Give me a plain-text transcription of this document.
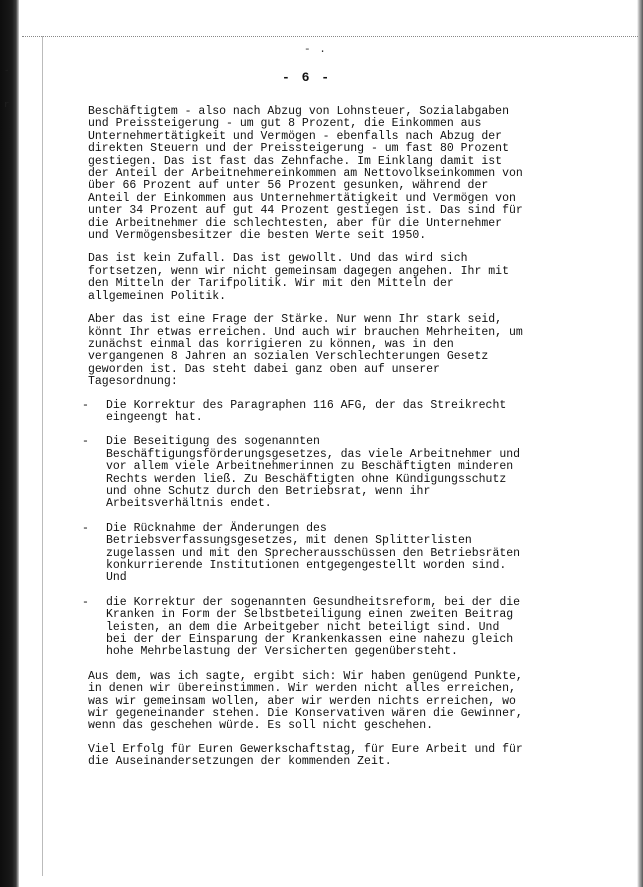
-
r
- .
- 6 -

Beschäftigtem - also nach Abzug von Lohnsteuer, Sozialabgaben
und Preissteigerung - um gut 8 Prozent, die Einkommen aus
Unternehmertätigkeit und Vermögen - ebenfalls nach Abzug der
direkten Steuern und der Preissteigerung - um fast 80 Prozent
gestiegen. Das ist fast das Zehnfache. Im Einklang damit ist
der Anteil der Arbeitnehmereinkommen am Nettovolkseinkommen von
über 66 Prozent auf unter 56 Prozent gesunken, während der
Anteil der Einkommen aus Unternehmertätigkeit und Vermögen von
unter 34 Prozent auf gut 44 Prozent gestiegen ist. Das sind für
die Arbeitnehmer die schlechtesten, aber für die Unternehmer
und Vermögensbesitzer die besten Werte seit 1950.

Das ist kein Zufall. Das ist gewollt. Und das wird sich
fortsetzen, wenn wir nicht gemeinsam dagegen angehen. Ihr mit
den Mitteln der Tarifpolitik. Wir mit den Mitteln der
allgemeinen Politik.

Aber das ist eine Frage der Stärke. Nur wenn Ihr stark seid,
könnt Ihr etwas erreichen. Und auch wir brauchen Mehrheiten, um
zunächst einmal das korrigieren zu können, was in den
vergangenen 8 Jahren an sozialen Verschlechterungen Gesetz
geworden ist. Das steht dabei ganz oben auf unserer
Tagesordnung:

-	Die Korrektur des Paragraphen 116 AFG, der das Streikrecht
eingeengt hat.
-	Die Beseitigung des sogenannten
Beschäftigungsförderungsgesetzes, das viele Arbeitnehmer und
vor allem viele Arbeitnehmerinnen zu Beschäftigten minderen
Rechts werden ließ. Zu Beschäftigten ohne Kündigungsschutz
und ohne Schutz durch den Betriebsrat, wenn ihr
Arbeitsverhältnis endet.
-	Die Rücknahme der Änderungen des
Betriebsverfassungsgesetzes, mit denen Splitterlisten
zugelassen und mit den Sprecherausschüssen den Betriebsräten
konkurrierende Institutionen entgegengestellt worden sind.
Und
-	die Korrektur der sogenannten Gesundheitsreform, bei der die
Kranken in Form der Selbstbeteiligung einen zweiten Beitrag
leisten, an dem die Arbeitgeber nicht beteiligt sind. Und
bei der der Einsparung der Krankenkassen eine nahezu gleich
hohe Mehrbelastung der Versicherten gegenübersteht.

Aus dem, was ich sagte, ergibt sich: Wir haben genügend Punkte,
in denen wir übereinstimmen. Wir werden nicht alles erreichen,
was wir gemeinsam wollen, aber wir werden nichts erreichen, wo
wir gegeneinander stehen. Die Konservativen wären die Gewinner,
wenn das geschehen würde. Es soll nicht geschehen.

Viel Erfolg für Euren Gewerkschaftstag, für Eure Arbeit und für
die Auseinandersetzungen der kommenden Zeit.
